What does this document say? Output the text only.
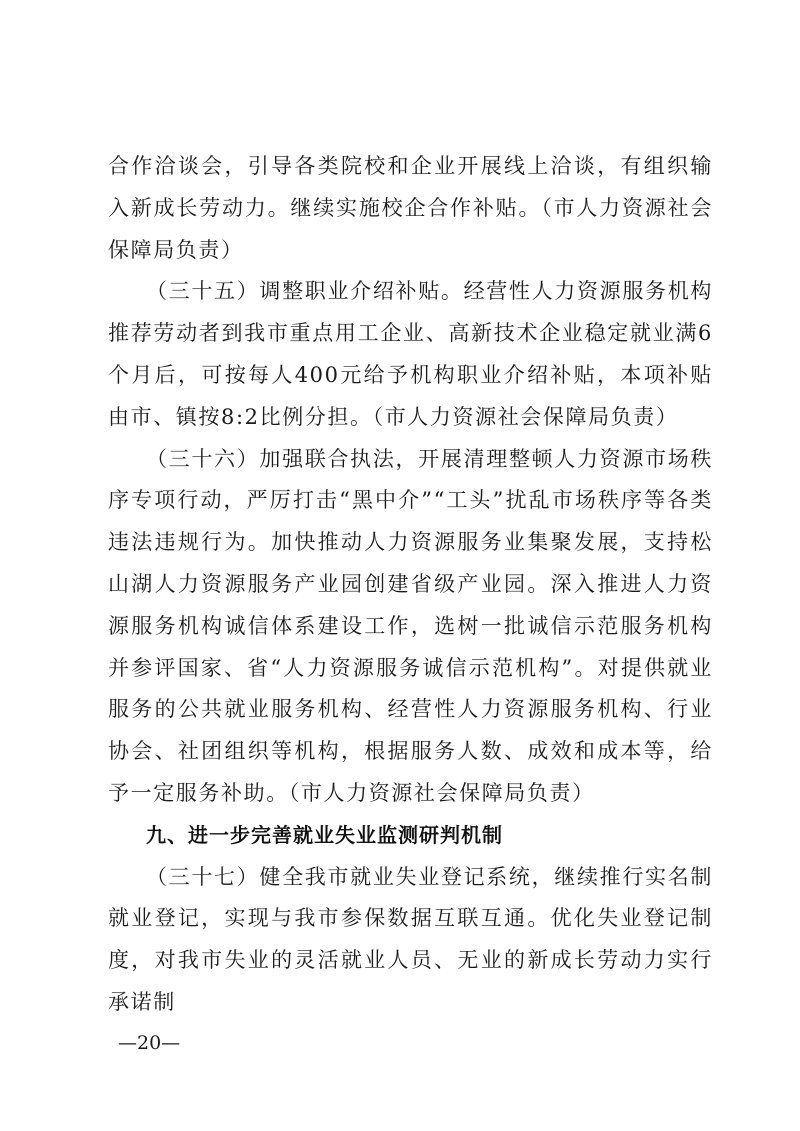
合作洽谈会，引导各类院校和企业开展线上洽谈，有组织输入新成长劳动力。继续实施校企合作补贴。（市人力资源社会保障局负责）

（三十五）调整职业介绍补贴。经营性人力资源服务机构推荐劳动者到我市重点用工企业、高新技术企业稳定就业满6个月后，可按每人400元给予机构职业介绍补贴，本项补贴由市、镇按8:2比例分担。（市人力资源社会保障局负责）

（三十六）加强联合执法，开展清理整顿人力资源市场秩序专项行动，严厉打击“黑中介”“工头”扰乱市场秩序等各类违法违规行为。加快推动人力资源服务业集聚发展，支持松山湖人力资源服务产业园创建省级产业园。深入推进人力资源服务机构诚信体系建设工作，选树一批诚信示范服务机构并参评国家、省“人力资源服务诚信示范机构”。对提供就业服务的公共就业服务机构、经营性人力资源服务机构、行业协会、社团组织等机构，根据服务人数、成效和成本等，给予一定服务补助。（市人力资源社会保障局负责）

九、进一步完善就业失业监测研判机制

（三十七）健全我市就业失业登记系统，继续推行实名制就业登记，实现与我市参保数据互联互通。优化失业登记制度，对我市失业的灵活就业人员、无业的新成长劳动力实行承诺制

—20—
